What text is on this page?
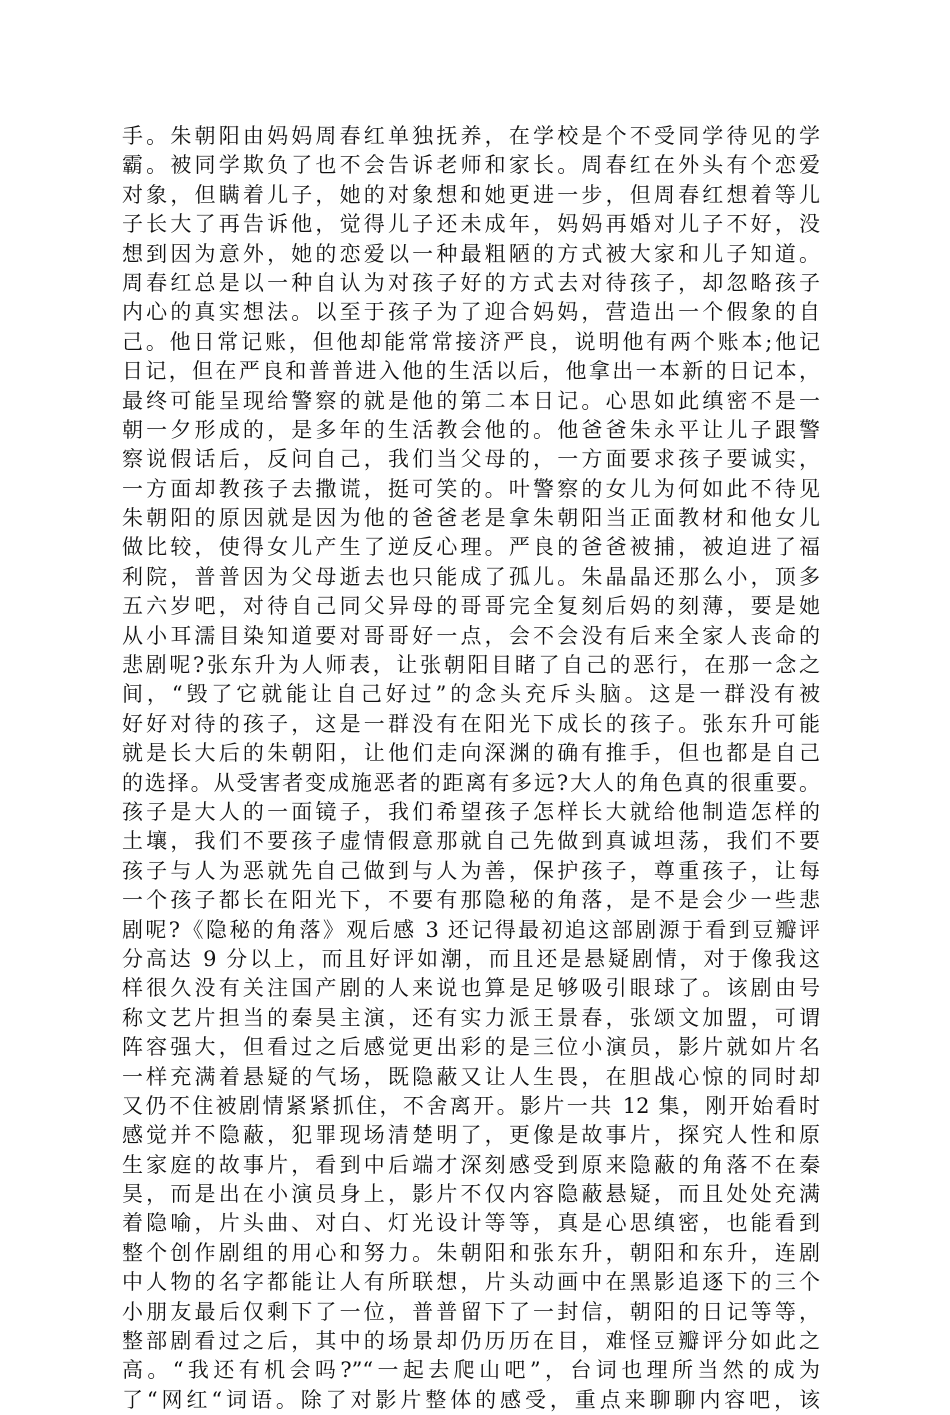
手。朱朝阳由妈妈周春红单独抚养，在学校是个不受同学待见的学
霸。被同学欺负了也不会告诉老师和家长。周春红在外头有个恋爱
对象，但瞒着儿子，她的对象想和她更进一步，但周春红想着等儿
子长大了再告诉他，觉得儿子还未成年，妈妈再婚对儿子不好，没
想到因为意外，她的恋爱以一种最粗陋的方式被大家和儿子知道。
周春红总是以一种自认为对孩子好的方式去对待孩子，却忽略孩子
内心的真实想法。以至于孩子为了迎合妈妈，营造出一个假象的自
己。他日常记账，但他却能常常接济严良，说明他有两个账本;他记
日记，但在严良和普普进入他的生活以后，他拿出一本新的日记本，
最终可能呈现给警察的就是他的第二本日记。心思如此缜密不是一
朝一夕形成的，是多年的生活教会他的。他爸爸朱永平让儿子跟警
察说假话后，反问自己，我们当父母的，一方面要求孩子要诚实，
一方面却教孩子去撒谎，挺可笑的。叶警察的女儿为何如此不待见
朱朝阳的原因就是因为他的爸爸老是拿朱朝阳当正面教材和他女儿
做比较，使得女儿产生了逆反心理。严良的爸爸被捕，被迫进了福
利院，普普因为父母逝去也只能成了孤儿。朱晶晶还那么小，顶多
五六岁吧，对待自己同父异母的哥哥完全复刻后妈的刻薄，要是她
从小耳濡目染知道要对哥哥好一点，会不会没有后来全家人丧命的
悲剧呢?张东升为人师表，让张朝阳目睹了自己的恶行，在那一念之
间，“毁了它就能让自己好过”的念头充斥头脑。这是一群没有被
好好对待的孩子，这是一群没有在阳光下成长的孩子。张东升可能
就是长大后的朱朝阳，让他们走向深渊的确有推手，但也都是自己
的选择。从受害者变成施恶者的距离有多远?大人的角色真的很重要。
孩子是大人的一面镜子，我们希望孩子怎样长大就给他制造怎样的
土壤，我们不要孩子虚情假意那就自己先做到真诚坦荡，我们不要
孩子与人为恶就先自己做到与人为善，保护孩子，尊重孩子，让每
一个孩子都长在阳光下，不要有那隐秘的角落，是不是会少一些悲
剧呢?《隐秘的角落》观后感 3 还记得最初追这部剧源于看到豆瓣评
分高达 9 分以上，而且好评如潮，而且还是悬疑剧情，对于像我这
样很久没有关注国产剧的人来说也算是足够吸引眼球了。该剧由号
称文艺片担当的秦昊主演，还有实力派王景春，张颂文加盟，可谓
阵容强大，但看过之后感觉更出彩的是三位小演员，影片就如片名
一样充满着悬疑的气场，既隐蔽又让人生畏，在胆战心惊的同时却
又仍不住被剧情紧紧抓住，不舍离开。影片一共 12 集，刚开始看时
感觉并不隐蔽，犯罪现场清楚明了，更像是故事片，探究人性和原
生家庭的故事片，看到中后端才深刻感受到原来隐蔽的角落不在秦
昊，而是出在小演员身上，影片不仅内容隐蔽悬疑，而且处处充满
着隐喻，片头曲、对白、灯光设计等等，真是心思缜密，也能看到
整个创作剧组的用心和努力。朱朝阳和张东升，朝阳和东升，连剧
中人物的名字都能让人有所联想，片头动画中在黑影追逐下的三个
小朋友最后仅剩下了一位，普普留下了一封信，朝阳的日记等等，
整部剧看过之后，其中的场景却仍历历在目，难怪豆瓣评分如此之
高。“我还有机会吗?”“一起去爬山吧”，台词也理所当然的成为
了“网红“词语。除了对影片整体的感受，重点来聊聊内容吧，该
